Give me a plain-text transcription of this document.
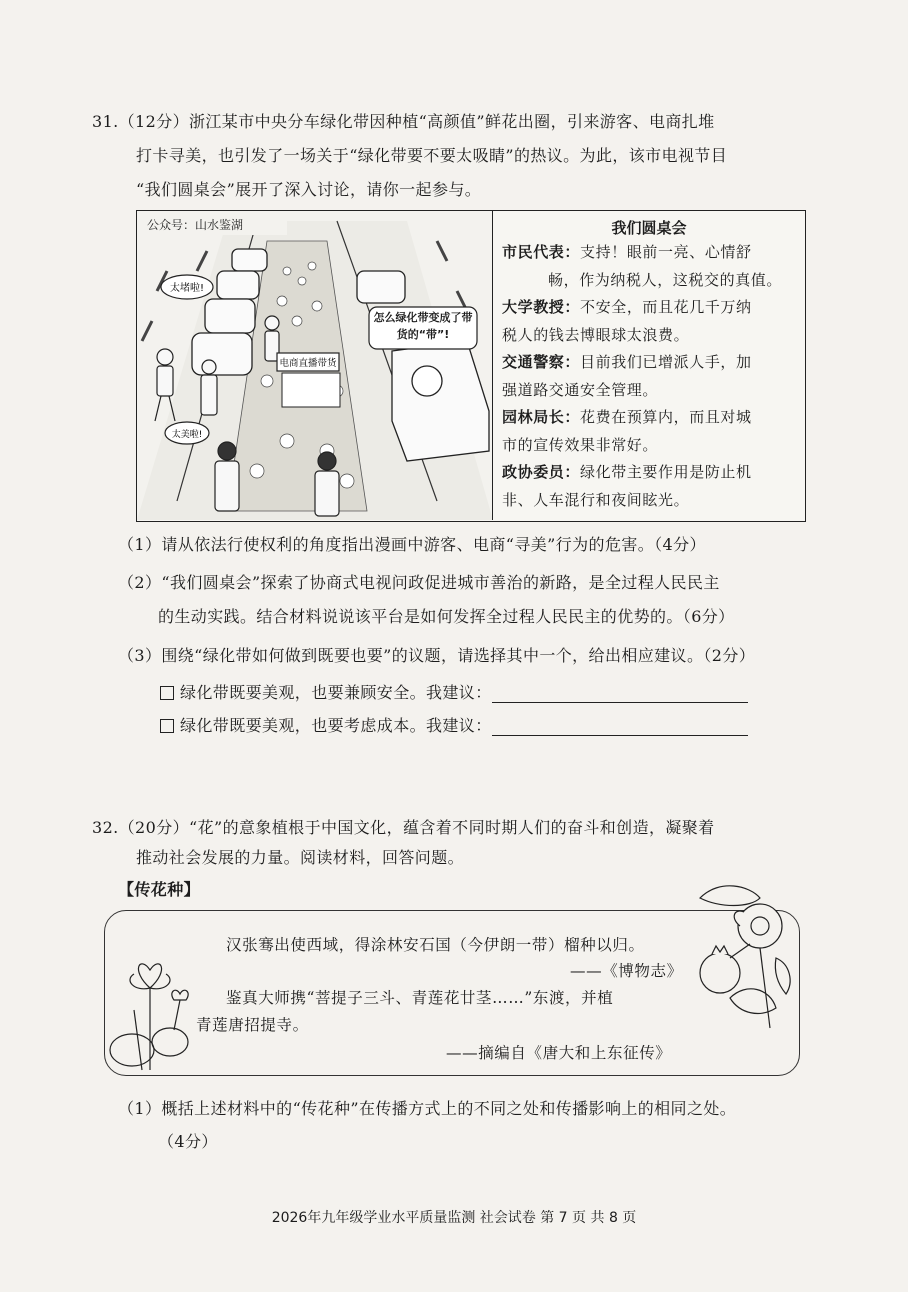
31.（12分）浙江某市中央分车绿化带因种植“高颜值”鲜花出圈，引来游客、电商扎堆
打卡寻美，也引发了一场关于“绿化带要不要太吸睛”的热议。为此，该市电视节目
“我们圆桌会”展开了深入讨论，请你一起参与。
电商直播带货
太堵啦!
太美啦!
怎么绿化带变成了带货的“带”!
公众号：山水鉴湖	我们圆桌会
市民代表：支持！眼前一亮、心情舒
畅，作为纳税人，这税交的真值。
大学教授：不安全，而且花几千万纳
税人的钱去博眼球太浪费。
交通警察：目前我们已增派人手，加
强道路交通安全管理。
园林局长：花费在预算内，而且对城
市的宣传效果非常好。
政协委员：绿化带主要作用是防止机
非、人车混行和夜间眩光。
（1）请从依法行使权利的角度指出漫画中游客、电商“寻美”行为的危害。（4分）
（2）“我们圆桌会”探索了协商式电视问政促进城市善治的新路，是全过程人民民主
的生动实践。结合材料说说该平台是如何发挥全过程人民民主的优势的。（6分）
（3）围绕“绿化带如何做到既要也要”的议题，请选择其中一个，给出相应建议。（2分）
绿化带既要美观，也要兼顾安全。我建议：
绿化带既要美观，也要考虑成本。我建议：
32.（20分）“花”的意象植根于中国文化，蕴含着不同时期人们的奋斗和创造，凝聚着
推动社会发展的力量。阅读材料，回答问题。
【传花种】
汉张骞出使西域，得涂林安石国（今伊朗一带）榴种以归。
——《博物志》
鉴真大师携“菩提子三斗、青莲花廿茎……”东渡，并植
青莲唐招提寺。
——摘编自《唐大和上东征传》
（1）概括上述材料中的“传花种”在传播方式上的不同之处和传播影响上的相同之处。
（4分）
2026年九年级学业水平质量监测 社会试卷 第 7 页 共 8 页
